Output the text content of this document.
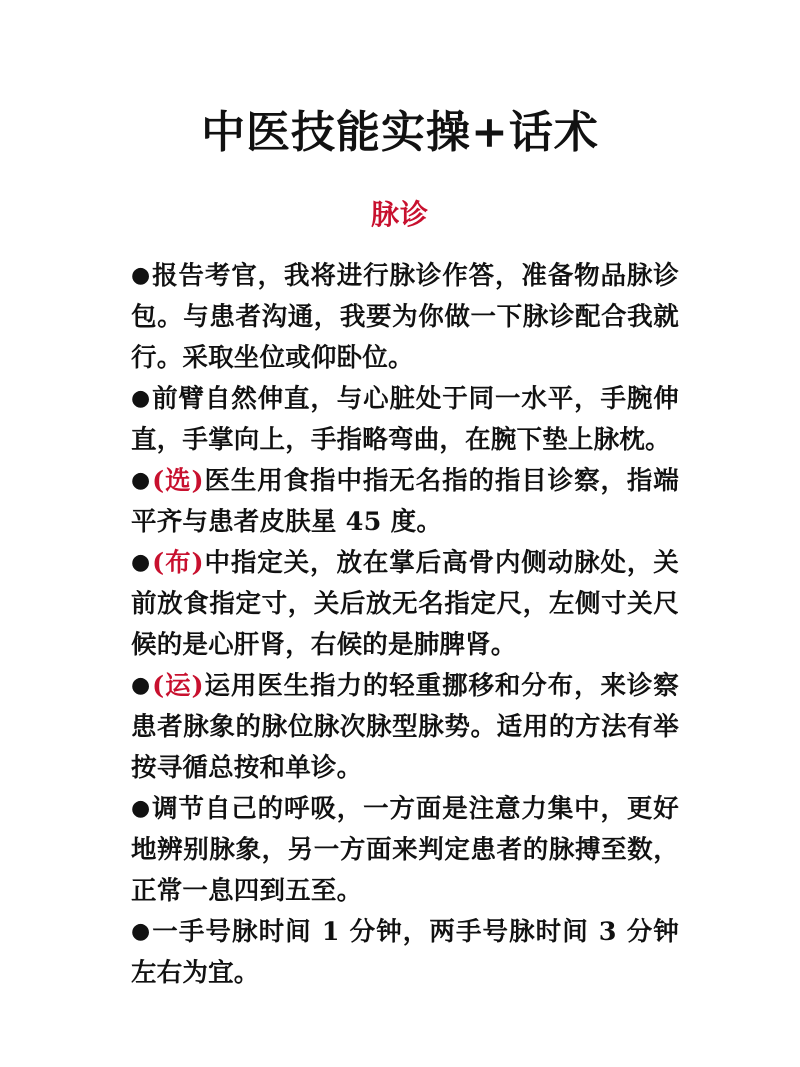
中医技能实操+话术
脉诊

●报告考官，我将进行脉诊作答，准备物品脉诊包。与患者沟通，我要为你做一下脉诊配合我就行。采取坐位或仰卧位。

●前臂自然伸直，与心脏处于同一水平，手腕伸直，手掌向上，手指略弯曲，在腕下垫上脉枕。

●(选)医生用食指中指无名指的指目诊察，指端平齐与患者皮肤星 45 度。

●(布)中指定关，放在掌后高骨内侧动脉处，关前放食指定寸，关后放无名指定尺，左侧寸关尺候的是心肝肾，右候的是肺脾肾。

●(运)运用医生指力的轻重挪移和分布，来诊察患者脉象的脉位脉次脉型脉势。适用的方法有举按寻循总按和单诊。

●调节自己的呼吸，一方面是注意力集中，更好地辨别脉象，另一方面来判定患者的脉搏至数，正常一息四到五至。

●一手号脉时间 1 分钟，两手号脉时间 3 分钟左右为宜。
